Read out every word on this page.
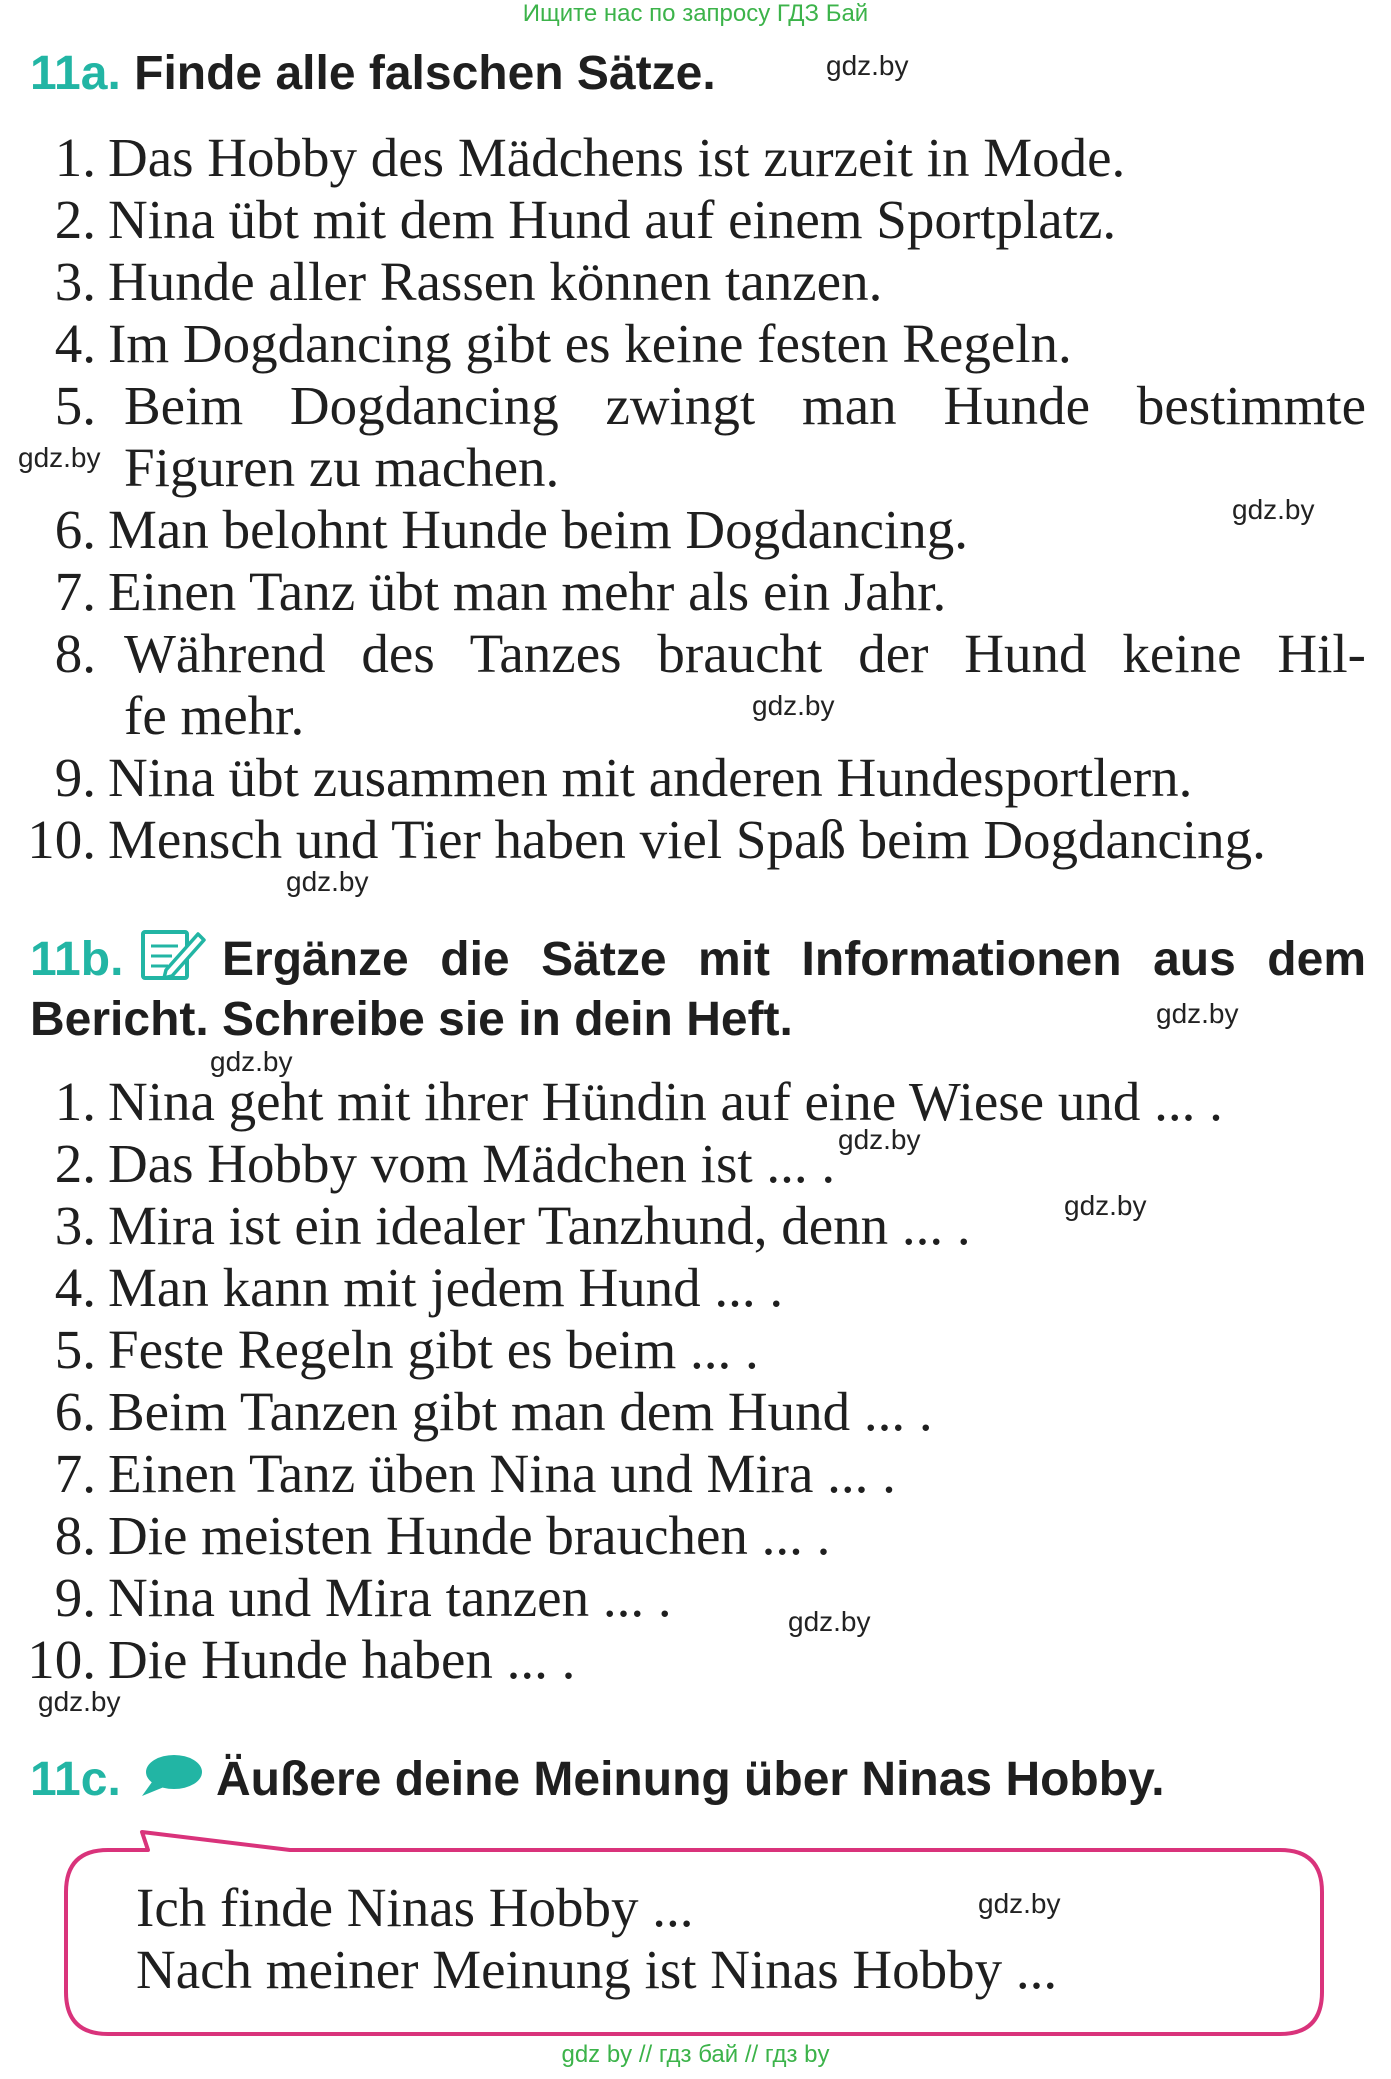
Ищите нас по запросу ГДЗ Бай
11a. Finde alle falschen Sätze.
1. Das Hobby des Mädchens ist zurzeit in Mode.
2. Nina übt mit dem Hund auf einem Sportplatz.
3. Hunde aller Rassen können tanzen.
4. Im Dogdancing gibt es keine festen Regeln.
5. Beim Dogdancing zwingt man Hunde bestimmte
Figuren zu machen.
6. Man belohnt Hunde beim Dogdancing.
7. Einen Tanz übt man mehr als ein Jahr.
8. Während des Tanzes braucht der Hund keine Hil-
fe mehr.
9. Nina übt zusammen mit anderen Hundesportlern.
10. Mensch und Tier haben viel Spaß beim Dogdancing.
11b. Ergänze die Sätze mit Informationen aus dem
Bericht. Schreibe sie in dein Heft.
1. Nina geht mit ihrer Hündin auf eine Wiese und ... .
2. Das Hobby vom Mädchen ist ... .
3. Mira ist ein idealer Tanzhund, denn ... .
4. Man kann mit jedem Hund ... .
5. Feste Regeln gibt es beim ... .
6. Beim Tanzen gibt man dem Hund ... .
7. Einen Tanz üben Nina und Mira ... .
8. Die meisten Hunde brauchen ... .
9. Nina und Mira tanzen ... .
10. Die Hunde haben ... .
11c. Äußere deine Meinung über Ninas Hobby.
Ich finde Ninas Hobby ...
Nach meiner Meinung ist Ninas Hobby ...
gdz.by
gdz.by
gdz.by
gdz.by
gdz.by
gdz.by
gdz.by
gdz.by
gdz.by
gdz.by
gdz.by
gdz.by
gdz by // гдз бай // гдз by
